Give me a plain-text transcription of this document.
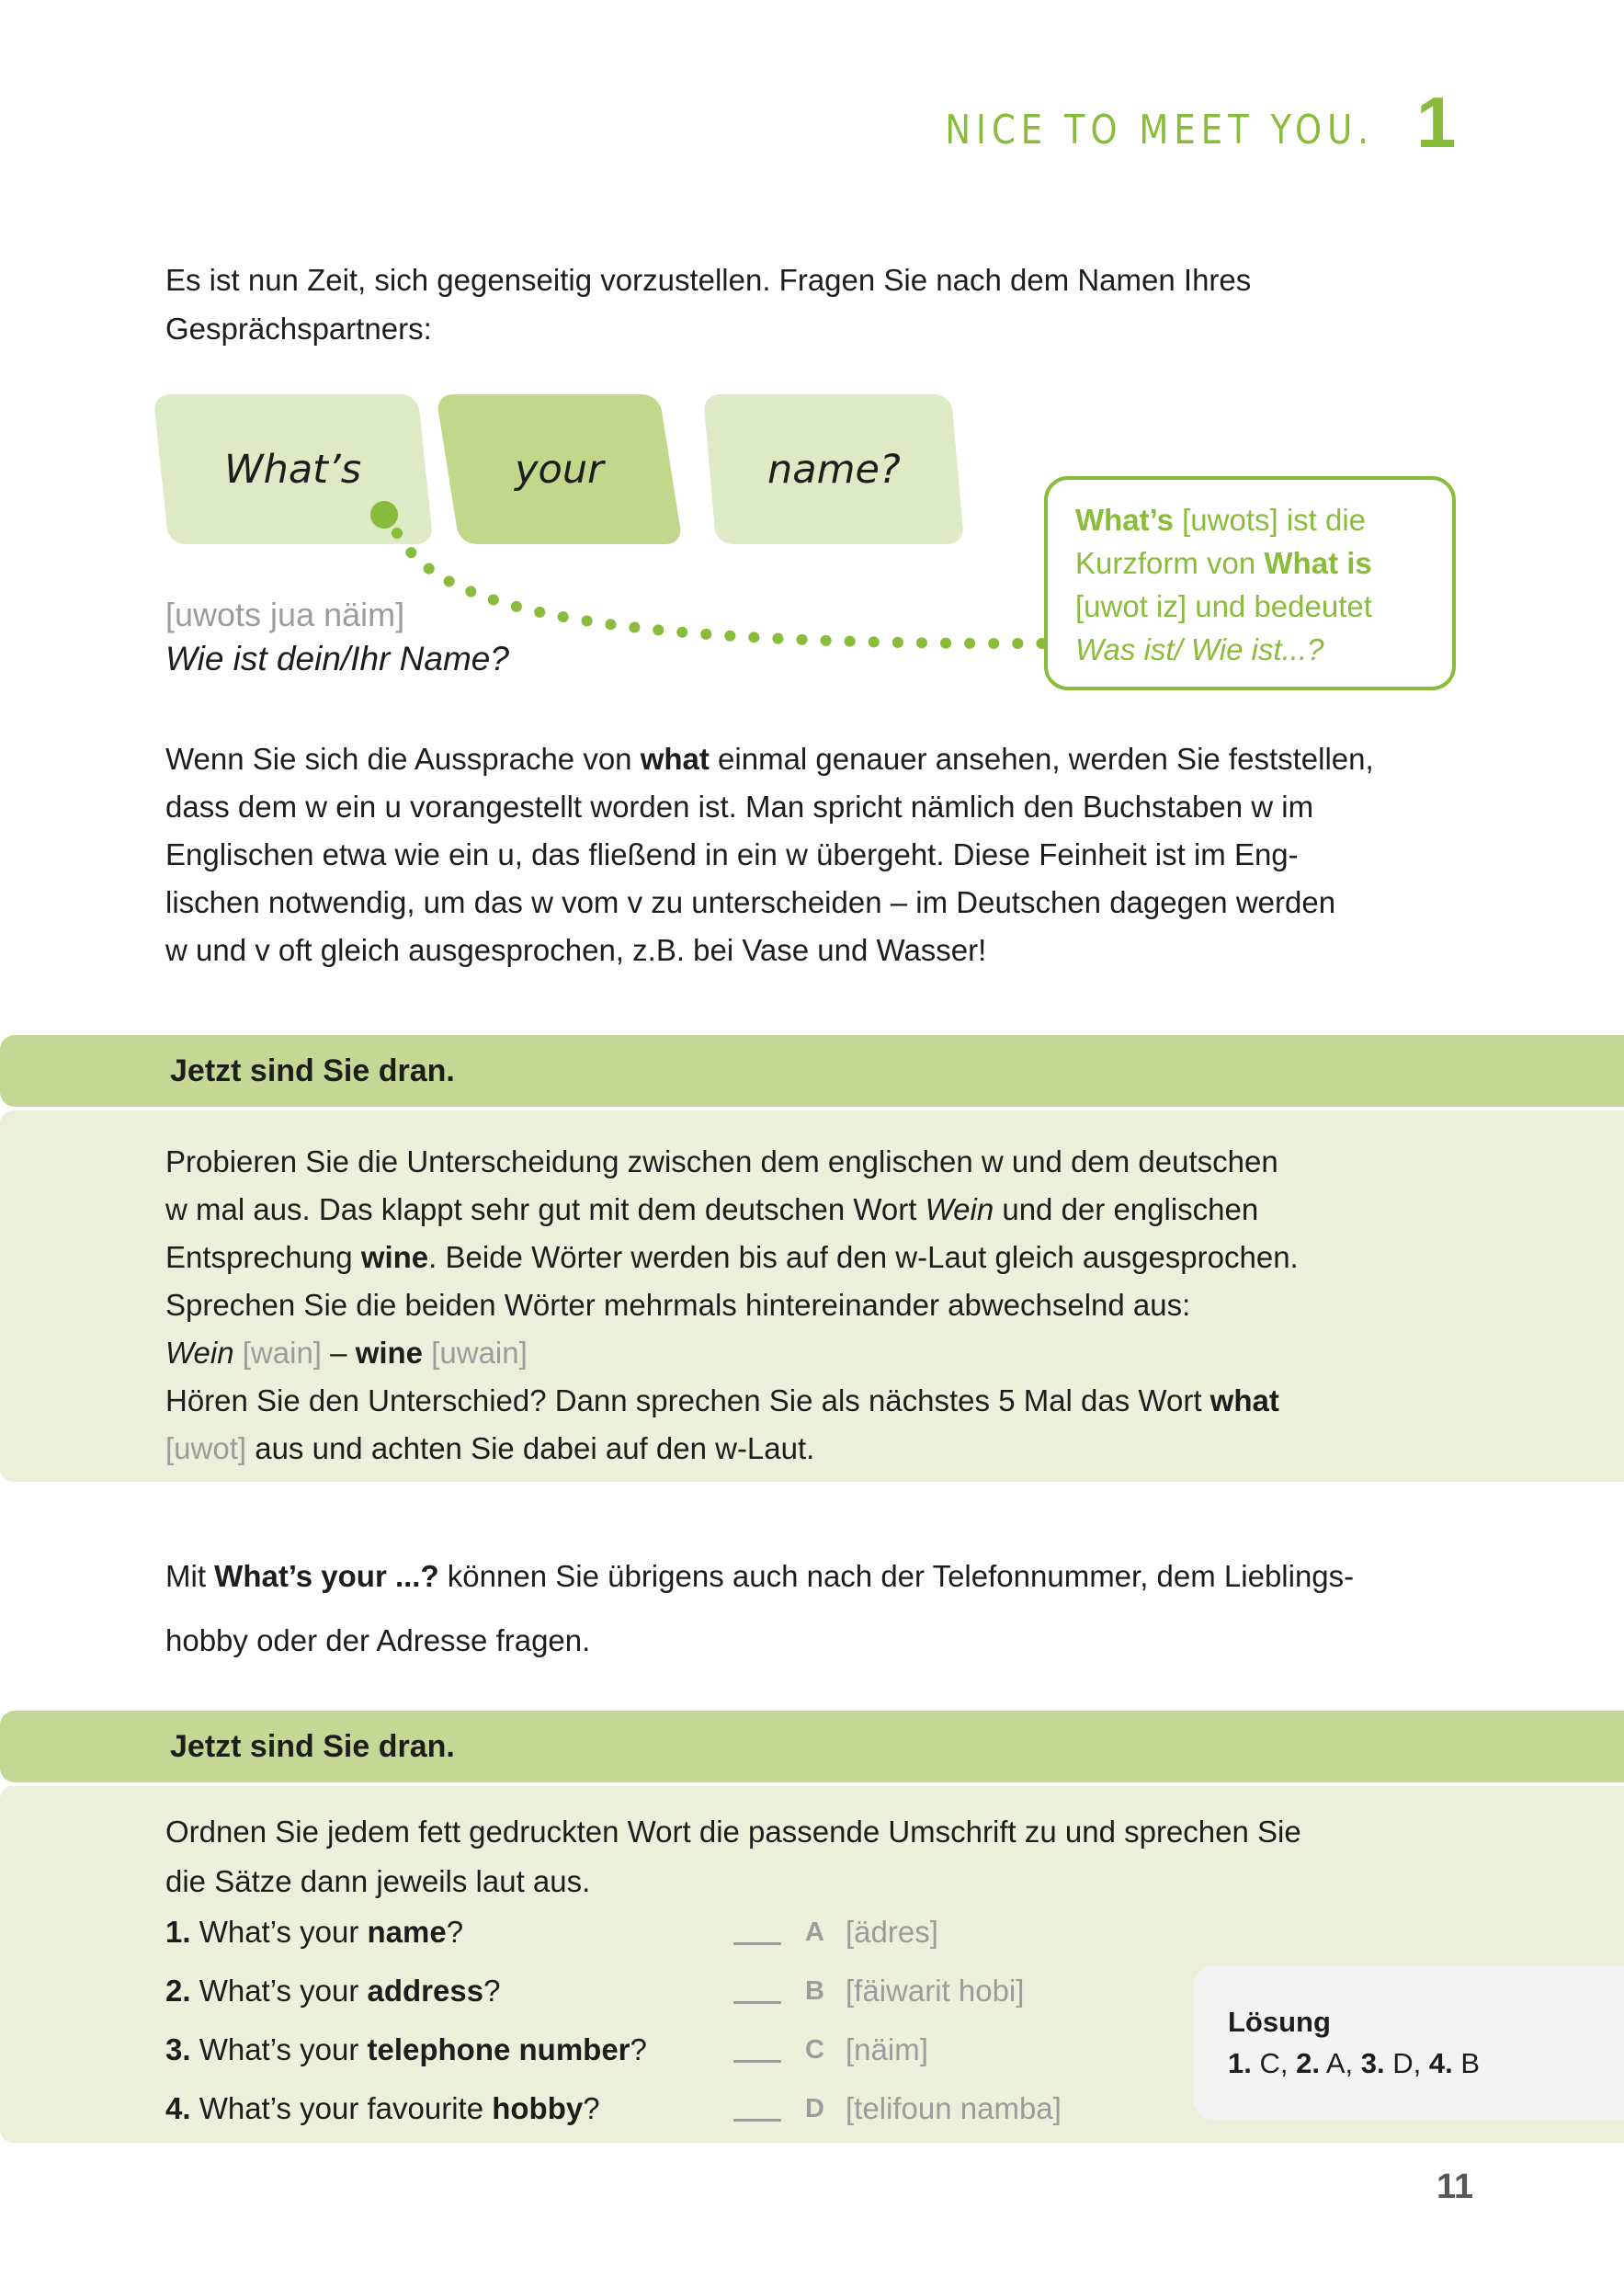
NICE TO MEET YOU. 1
Es ist nun Zeit, sich gegenseitig vorzustellen. Fragen Sie nach dem Namen Ihres
Gesprächspartners:
What’s	your	name?
[uwots jua näim]
Wie ist dein/Ihr Name?
What’s [uwots] ist die
Kurzform von What is
[uwot iz] und bedeutet
Was ist/ Wie ist...?
Wenn Sie sich die Aussprache von what einmal genauer ansehen, werden Sie feststellen,
dass dem w ein u vorangestellt worden ist. Man spricht nämlich den Buchstaben w im
Englischen etwa wie ein u, das fließend in ein w übergeht. Diese Feinheit ist im Eng-
lischen notwendig, um das w vom v zu unterscheiden – im Deutschen dagegen werden
w und v oft gleich ausgesprochen, z.B. bei Vase und Wasser!
Jetzt sind Sie dran.
Probieren Sie die Unterscheidung zwischen dem englischen w und dem deutschen
w mal aus. Das klappt sehr gut mit dem deutschen Wort Wein und der englischen
Entsprechung wine. Beide Wörter werden bis auf den w-Laut gleich ausgesprochen.
Sprechen Sie die beiden Wörter mehrmals hintereinander abwechselnd aus:
Wein [wain] – wine [uwain]
Hören Sie den Unterschied? Dann sprechen Sie als nächstes 5 Mal das Wort what
[uwot] aus und achten Sie dabei auf den w-Laut.
Mit What’s your ...? können Sie übrigens auch nach der Telefonnummer, dem Lieblings-
hobby oder der Adresse fragen.
Jetzt sind Sie dran.
Ordnen Sie jedem fett gedruckten Wort die passende Umschrift zu und sprechen Sie
die Sätze dann jeweils laut aus.
1. What’s your name?	A [ädres]
2. What’s your address?	B [fäiwarit hobi]
3. What’s your telephone number?	C [näim]
4. What’s your favourite hobby?	D [telifoun namba]
Lösung
1. C, 2. A, 3. D, 4. B
11
